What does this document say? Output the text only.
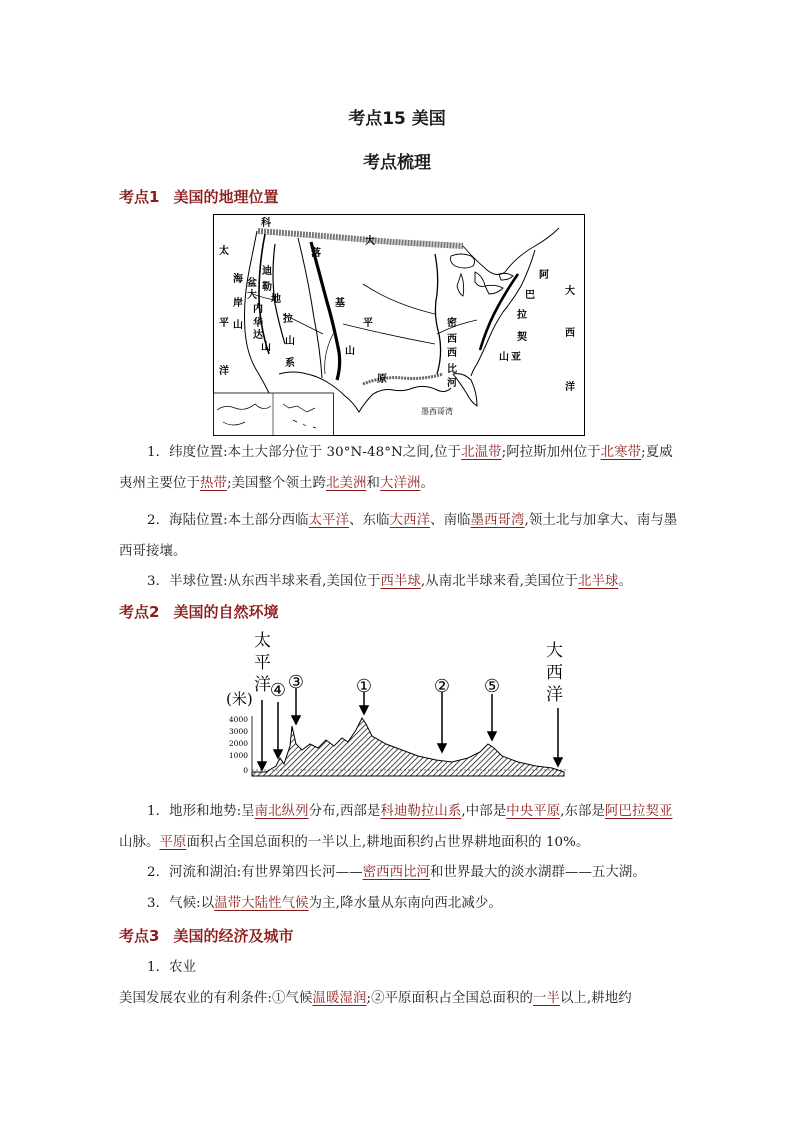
考点15 美国
考点梳理
考点1 美国的地理位置
科
迪
勒
拉
山
系
太
平
洋
海
岸
山
大
盆
地
内
华
达
山
落
基
山
大
平
原
阿
巴
拉
契
亚
山
大
西
洋
密
西
西
比
河
墨西哥湾
1．纬度位置:本土大部分位于 30°N-48°N之间,位于北温带;阿拉斯加州位于北寒带;夏威夷州主要位于热带;美国整个领土跨北美洲和大洋洲。
2．海陆位置:本土部分西临太平洋、东临大西洋、南临墨西哥湾,领土北与加拿大、南与墨西哥接壤。
3．半球位置:从东西半球来看,美国位于西半球,从南北半球来看,美国位于北半球。
考点2 美国的自然环境
太
平
洋
大
西
洋
(米)
4000
3000
2000
1000
0
④ ③	①	② ⑤
1．地形和地势:呈南北纵列分布,西部是科迪勒拉山系,中部是中央平原,东部是阿巴拉契亚山脉。平原面积占全国总面积的一半以上,耕地面积约占世界耕地面积的 10%。
2．河流和湖泊:有世界第四长河——密西西比河和世界最大的淡水湖群——五大湖。
3．气候:以温带大陆性气候为主,降水量从东南向西北减少。
考点3 美国的经济及城市
1．农业
美国发展农业的有利条件:①气候温暖湿润;②平原面积占全国总面积的一半以上,耕地约
